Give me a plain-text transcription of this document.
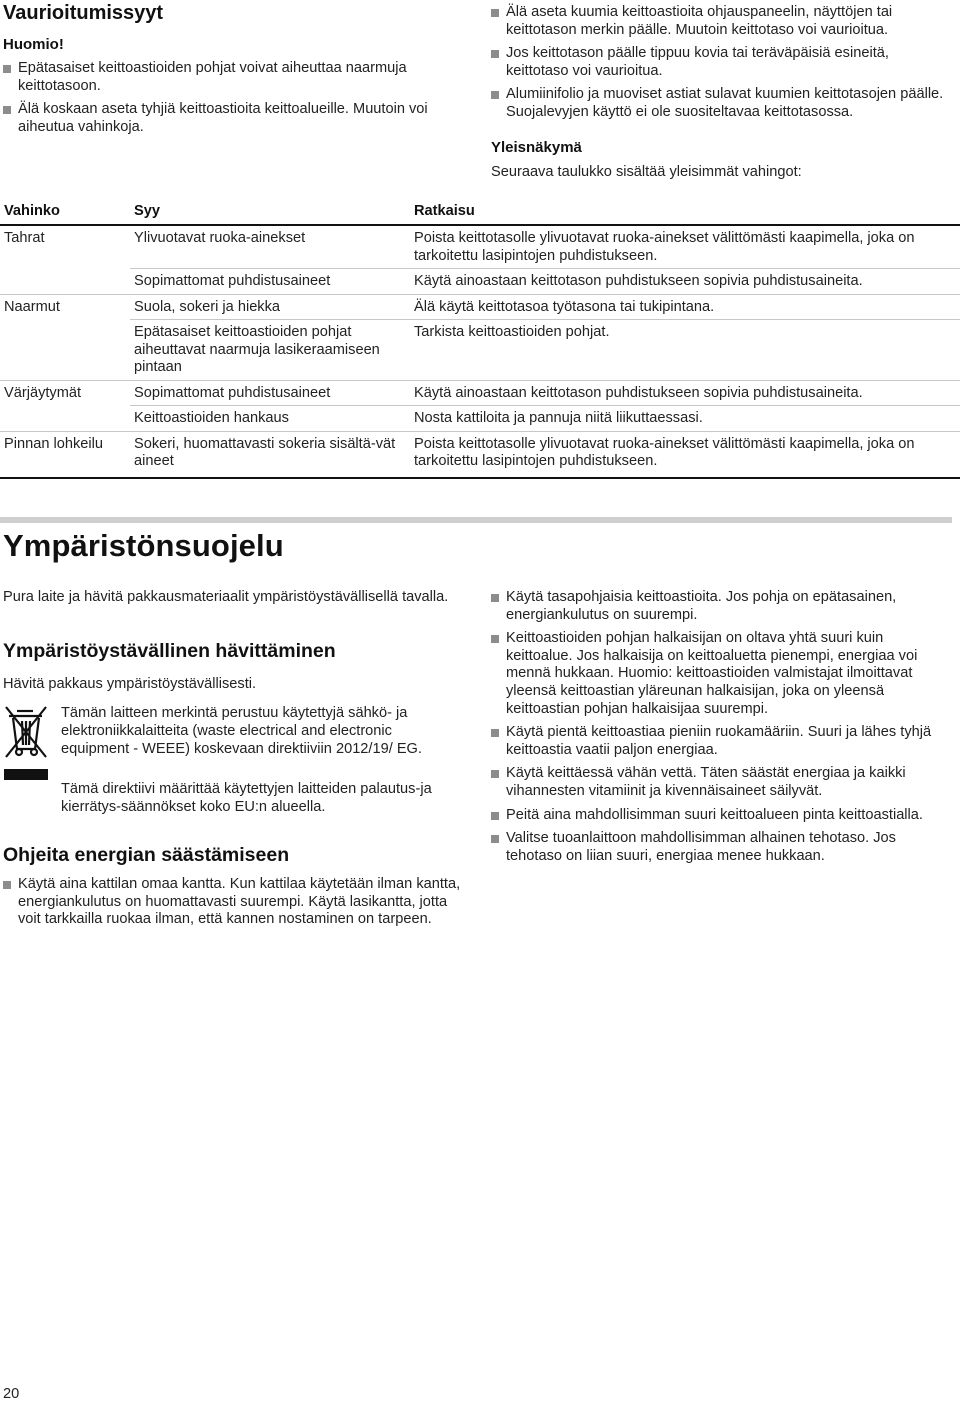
Vaurioitumissyyt
Huomio!
Epätasaiset keittoastioiden pohjat voivat aiheuttaa naarmuja keittotasoon.
Älä koskaan aseta tyhjiä keittoastioita keittoalueille. Muutoin voi aiheutua vahinkoja.
Älä aseta kuumia keittoastioita ohjauspaneelin, näyttöjen tai keittotason merkin päälle. Muutoin keittotaso voi vaurioitua.
Jos keittotason päälle tippuu kovia tai teräväpäisiä esineitä, keittotaso voi vaurioitua.
Alumiinifolio ja muoviset astiat sulavat kuumien keittotasojen päälle. Suojalevyjen käyttö ei ole suositeltavaa keittotasossa.
Yleisnäkymä
Seuraava taulukko sisältää yleisimmät vahingot:
Vahinko	Syy	Ratkaisu
Tahrat	Ylivuotavat ruoka-ainekset	Poista keittotasolle ylivuotavat ruoka-ainekset välittömästi kaapimella, joka on tarkoitettu lasipintojen puhdistukseen.
	Sopimattomat puhdistusaineet	Käytä ainoastaan keittotason puhdistukseen sopivia puhdistusaineita.
Naarmut	Suola, sokeri ja hiekka	Älä käytä keittotasoa työtasona tai tukipintana.
	Epätasaiset keittoastioiden pohjat aiheuttavat naarmuja lasikeraamiseen pintaan	Tarkista keittoastioiden pohjat.
Värjäytymät	Sopimattomat puhdistusaineet	Käytä ainoastaan keittotason puhdistukseen sopivia puhdistusaineita.
	Keittoastioiden hankaus	Nosta kattiloita ja pannuja niitä liikuttaessasi.
Pinnan lohkeilu	Sokeri, huomattavasti sokeria sisältä-vät aineet	Poista keittotasolle ylivuotavat ruoka-ainekset välittömästi kaapimella, joka on tarkoitettu lasipintojen puhdistukseen.
Ympäristönsuojelu
Pura laite ja hävitä pakkausmateriaalit ympäristöystävällisellä tavalla.
Ympäristöystävällinen hävittäminen
Hävitä pakkaus ympäristöystävällisesti.
Tämän laitteen merkintä perustuu käytettyjä sähkö- ja elektroniikkalaitteita (waste electrical and electronic equipment - WEEE) koskevaan direktiiviin 2012/19/ EG.
Tämä direktiivi määrittää käytettyjen laitteiden palautus-ja kierrätys-säännökset koko EU:n alueella.
Ohjeita energian säästämiseen
Käytä aina kattilan omaa kantta. Kun kattilaa käytetään ilman kantta, energiankulutus on huomattavasti suurempi. Käytä lasikantta, jotta voit tarkkailla ruokaa ilman, että kannen nostaminen on tarpeen.
Käytä tasapohjaisia keittoastioita. Jos pohja on epätasainen, energiankulutus on suurempi.
Keittoastioiden pohjan halkaisijan on oltava yhtä suuri kuin keittoalue. Jos halkaisija on keittoaluetta pienempi, energiaa voi mennä hukkaan. Huomio: keittoastioiden valmistajat ilmoittavat yleensä keittoastian yläreunan halkaisijan, joka on yleensä keittoastian pohjan halkaisijaa suurempi.
Käytä pientä keittoastiaa pieniin ruokamääriin. Suuri ja lähes tyhjä keittoastia vaatii paljon energiaa.
Käytä keittäessä vähän vettä. Täten säästät energiaa ja kaikki vihannesten vitamiinit ja kivennäisaineet säilyvät.
Peitä aina mahdollisimman suuri keittoalueen pinta keittoastialla.
Valitse tuoanlaittoon mahdollisimman alhainen tehotaso. Jos tehotaso on liian suuri, energiaa menee hukkaan.
20
